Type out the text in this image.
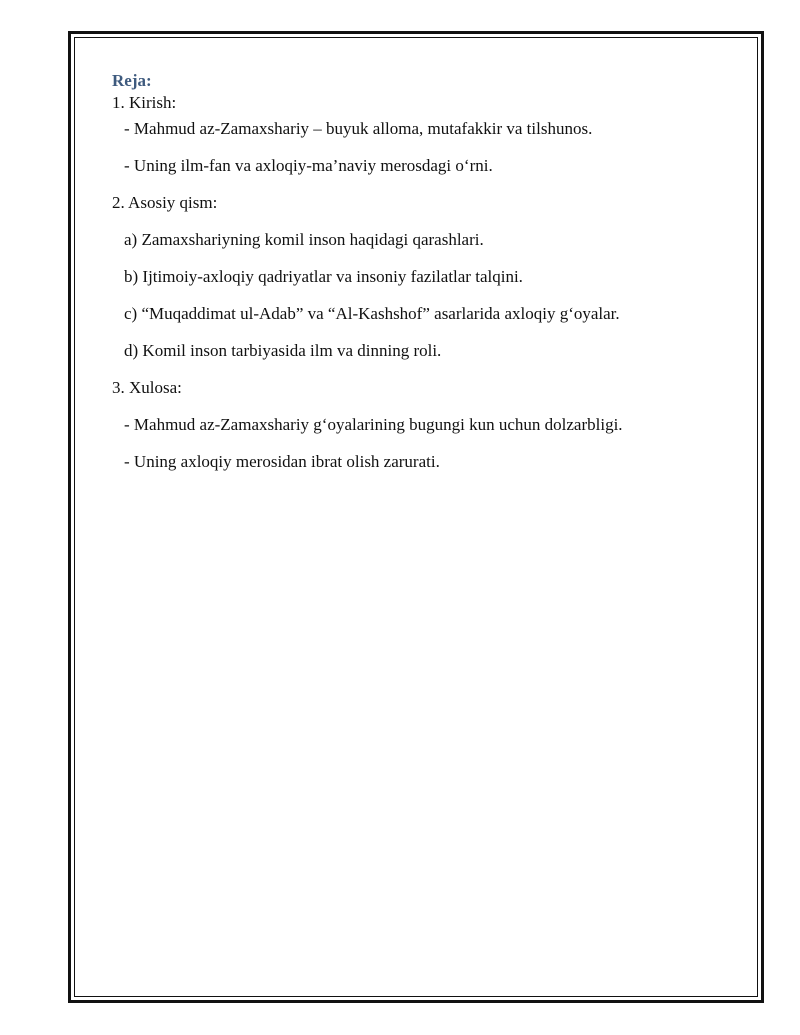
Reja:

1. Kirish:

- Mahmud az-Zamaxshariy – buyuk alloma, mutafakkir va tilshunos.

- Uning ilm-fan va axloqiy-ma’naviy merosdagi o‘rni.

2. Asosiy qism:

a) Zamaxshariyning komil inson haqidagi qarashlari.

b) Ijtimoiy-axloqiy qadriyatlar va insoniy fazilatlar talqini.

c) “Muqaddimat ul-Adab” va “Al-Kashshof” asarlarida axloqiy g‘oyalar.

d) Komil inson tarbiyasida ilm va dinning roli.

3. Xulosa:

- Mahmud az-Zamaxshariy g‘oyalarining bugungi kun uchun dolzarbligi.

- Uning axloqiy merosidan ibrat olish zarurati.
